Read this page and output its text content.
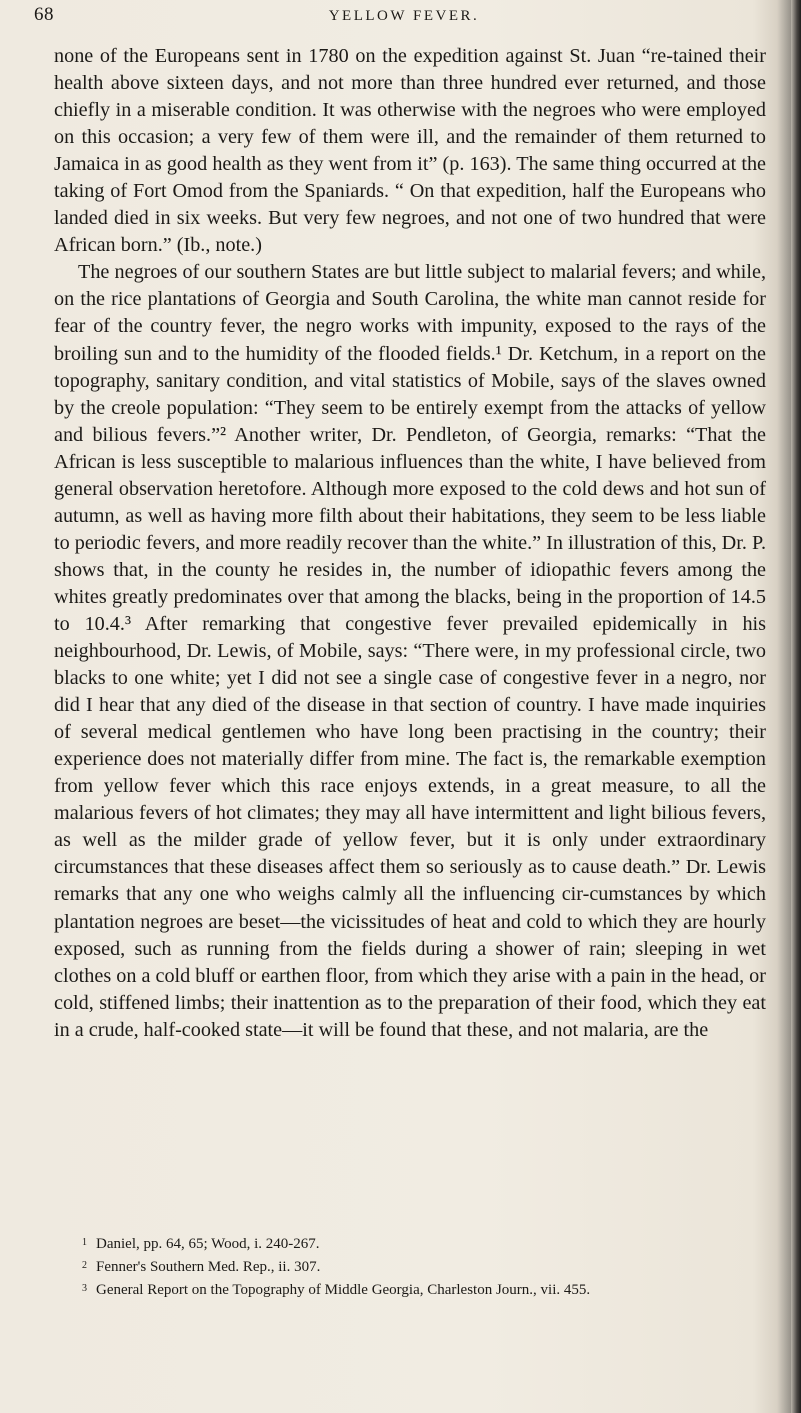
68	YELLOW FEVER.

none of the Europeans sent in 1780 on the expedition against St. Juan “re-tained their health above sixteen days, and not more than three hundred ever returned, and those chiefly in a miserable condition. It was otherwise with the negroes who were employed on this occasion; a very few of them were ill, and the remainder of them returned to Jamaica in as good health as they went from it” (p. 163). The same thing occurred at the taking of Fort Omod from the Spaniards. “ On that expedition, half the Europeans who landed died in six weeks. But very few negroes, and not one of two hundred that were African born.” (Ib., note.)

The negroes of our southern States are but little subject to malarial fevers; and while, on the rice plantations of Georgia and South Carolina, the white man cannot reside for fear of the country fever, the negro works with impunity, exposed to the rays of the broiling sun and to the humidity of the flooded fields.¹ Dr. Ketchum, in a report on the topography, sanitary condition, and vital statistics of Mobile, says of the slaves owned by the creole population: “They seem to be entirely exempt from the attacks of yellow and bilious fevers.”² Another writer, Dr. Pendleton, of Georgia, remarks: “That the African is less susceptible to malarious influences than the white, I have believed from general observation heretofore. Although more exposed to the cold dews and hot sun of autumn, as well as having more filth about their habitations, they seem to be less liable to periodic fevers, and more readily recover than the white.” In illustration of this, Dr. P. shows that, in the county he resides in, the number of idiopathic fevers among the whites greatly predominates over that among the blacks, being in the proportion of 14.5 to 10.4.³ After remarking that congestive fever prevailed epidemically in his neighbourhood, Dr. Lewis, of Mobile, says: “There were, in my professional circle, two blacks to one white; yet I did not see a single case of congestive fever in a negro, nor did I hear that any died of the disease in that section of country. I have made inquiries of several medical gentlemen who have long been practising in the country; their experience does not materially differ from mine. The fact is, the remarkable exemption from yellow fever which this race enjoys extends, in a great measure, to all the malarious fevers of hot climates; they may all have intermittent and light bilious fevers, as well as the milder grade of yellow fever, but it is only under extraordinary circumstances that these diseases affect them so seriously as to cause death.” Dr. Lewis remarks that any one who weighs calmly all the influencing cir-cumstances by which plantation negroes are beset—the vicissitudes of heat and cold to which they are hourly exposed, such as running from the fields during a shower of rain; sleeping in wet clothes on a cold bluff or earthen floor, from which they arise with a pain in the head, or cold, stiffened limbs; their inattention as to the preparation of their food, which they eat in a crude, half-cooked state—it will be found that these, and not malaria, are the

1 Daniel, pp. 64, 65; Wood, i. 240-267.
2 Fenner's Southern Med. Rep., ii. 307.
3 General Report on the Topography of Middle Georgia, Charleston Journ., vii. 455.
